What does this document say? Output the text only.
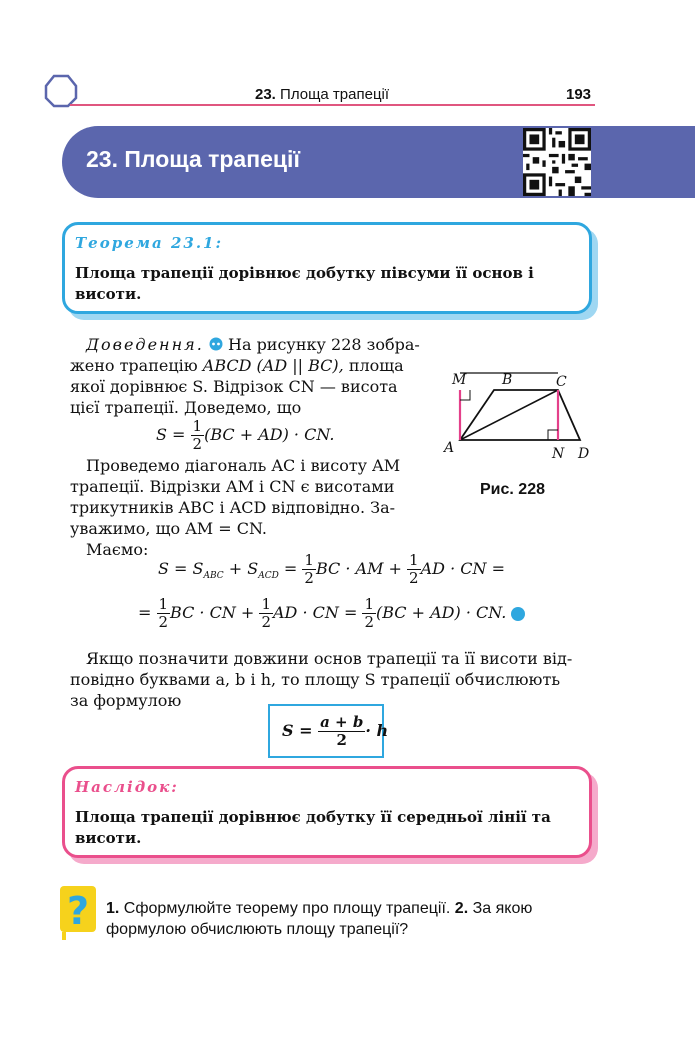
23. Площа трапеції	193
23. Площа трапеції
Теорема 23.1:
Площа трапеції дорівнює добутку півсуми її основ і висоти.
Доведення. На рисунку 228 зобра-
жено трапецію ABCD (AD || BC), площа
якої дорівнює S. Відрізок CN — висота
цієї трапеції. Доведемо, що
$S = \frac{1}{2} (BC + AD)$ · CN.
Проведемо діагональ AC і висоту AM
трапеції. Відрізки AM і CN є висотами
трикутників ABC і ACD відповідно. За-
уважимо, що AM = CN.
Маємо:
M	B	C
A	N D
Рис. 228
$S = S_{ABC} + S_{ACD} = \frac{1}{2}$ BC · AM + $\frac{1}{2}$ AD · CN =
= $\frac{1}{2}$ BC · CN + $\frac{1}{2}$ AD · CN = $\frac{1}{2} (BC + AD)$ · CN.
Якщо позначити довжини основ трапеції та її висоти від-
повідно буквами a, b і h, то площу S трапеції обчислюють
за формулою
$S = \frac{a + b}{2} \cdot h$
Наслідок:
Площа трапеції дорівнює добутку її середньої лінії та висоти.
? 1. Сформулюйте теорему про площу трапеції. 2. За якою формулою обчислюють площу трапеції?
